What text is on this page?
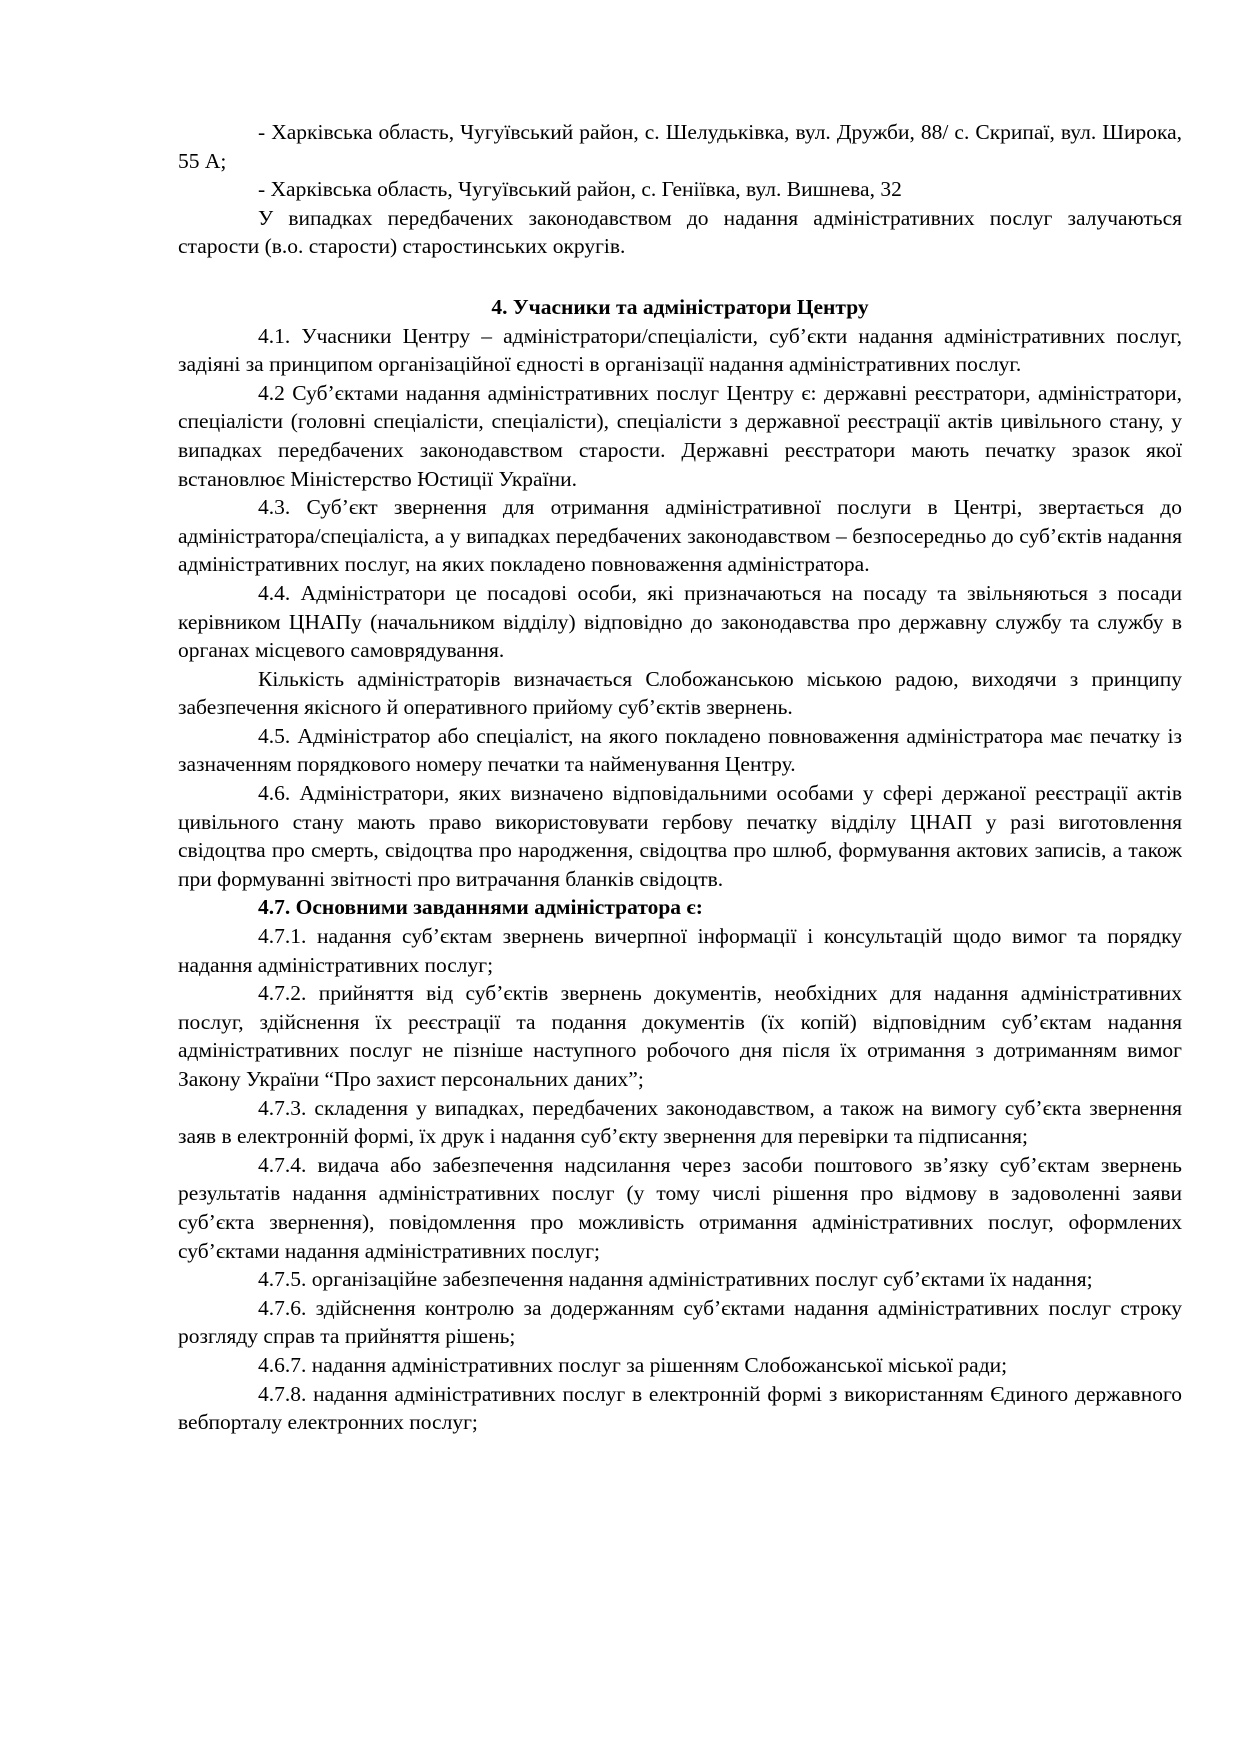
- Харківська область, Чугуївський район, с. Шелудьківка, вул. Дружби, 88/ с. Скрипаї, вул. Широка, 55 А;

- Харківська область, Чугуївський район, с. Геніївка, вул. Вишнева, 32

У випадках передбачених законодавством до надання адміністративних послуг залучаються старости (в.о. старости) старостинських округів.

4. Учасники та адміністратори Центру

4.1. Учасники Центру – адміністратори/спеціалісти, суб’єкти надання адміністративних послуг, задіяні за принципом організаційної єдності в організації надання адміністративних послуг.

4.2 Суб’єктами надання адміністративних послуг Центру є: державні реєстратори, адміністратори, спеціалісти (головні спеціалісти, спеціалісти), спеціалісти з державної реєстрації актів цивільного стану, у випадках передбачених законодавством старости. Державні реєстратори мають печатку зразок якої встановлює Міністерство Юстиції України.

4.3. Суб’єкт звернення для отримання адміністративної послуги в Центрі, звертається до адміністратора/спеціаліста, а у випадках передбачених законодавством – безпосередньо до суб’єктів надання адміністративних послуг, на яких покладено повноваження адміністратора.

4.4. Адміністратори це посадові особи, які призначаються на посаду та звільняються з посади керівником ЦНАПу (начальником відділу) відповідно до законодавства про державну службу та службу в органах місцевого самоврядування.

Кількість адміністраторів визначається Слобожанською міською радою, виходячи з принципу забезпечення якісного й оперативного прийому суб’єктів звернень.

4.5. Адміністратор або спеціаліст, на якого покладено повноваження адміністратора має печатку із зазначенням порядкового номеру печатки та найменування Центру.

4.6. Адміністратори, яких визначено відповідальними особами у сфері держаної реєстрації актів цивільного стану мають право використовувати гербову печатку відділу ЦНАП у разі виготовлення свідоцтва про смерть, свідоцтва про народження, свідоцтва про шлюб, формування актових записів, а також при формуванні звітності про витрачання бланків свідоцтв.

4.7. Основними завданнями адміністратора є:

4.7.1. надання суб’єктам звернень вичерпної інформації і консультацій щодо вимог та порядку надання адміністративних послуг;

4.7.2. прийняття від суб’єктів звернень документів, необхідних для надання адміністративних послуг, здійснення їх реєстрації та подання документів (їх копій) відповідним суб’єктам надання адміністративних послуг не пізніше наступного робочого дня після їх отримання з дотриманням вимог Закону України “Про захист персональних даних”;

4.7.3. складення у випадках, передбачених законодавством, а також на вимогу суб’єкта звернення заяв в електронній формі, їх друк і надання суб’єкту звернення для перевірки та підписання;

4.7.4. видача або забезпечення надсилання через засоби поштового зв’язку суб’єктам звернень результатів надання адміністративних послуг (у тому числі рішення про відмову в задоволенні заяви суб’єкта звернення), повідомлення про можливість отримання адміністративних послуг, оформлених суб’єктами надання адміністративних послуг;

4.7.5. організаційне забезпечення надання адміністративних послуг суб’єктами їх надання;

4.7.6. здійснення контролю за додержанням суб’єктами надання адміністративних послуг строку розгляду справ та прийняття рішень;

4.6.7. надання адміністративних послуг за рішенням Слобожанської міської ради;

4.7.8. надання адміністративних послуг в електронній формі з використанням Єдиного державного вебпорталу електронних послуг;
